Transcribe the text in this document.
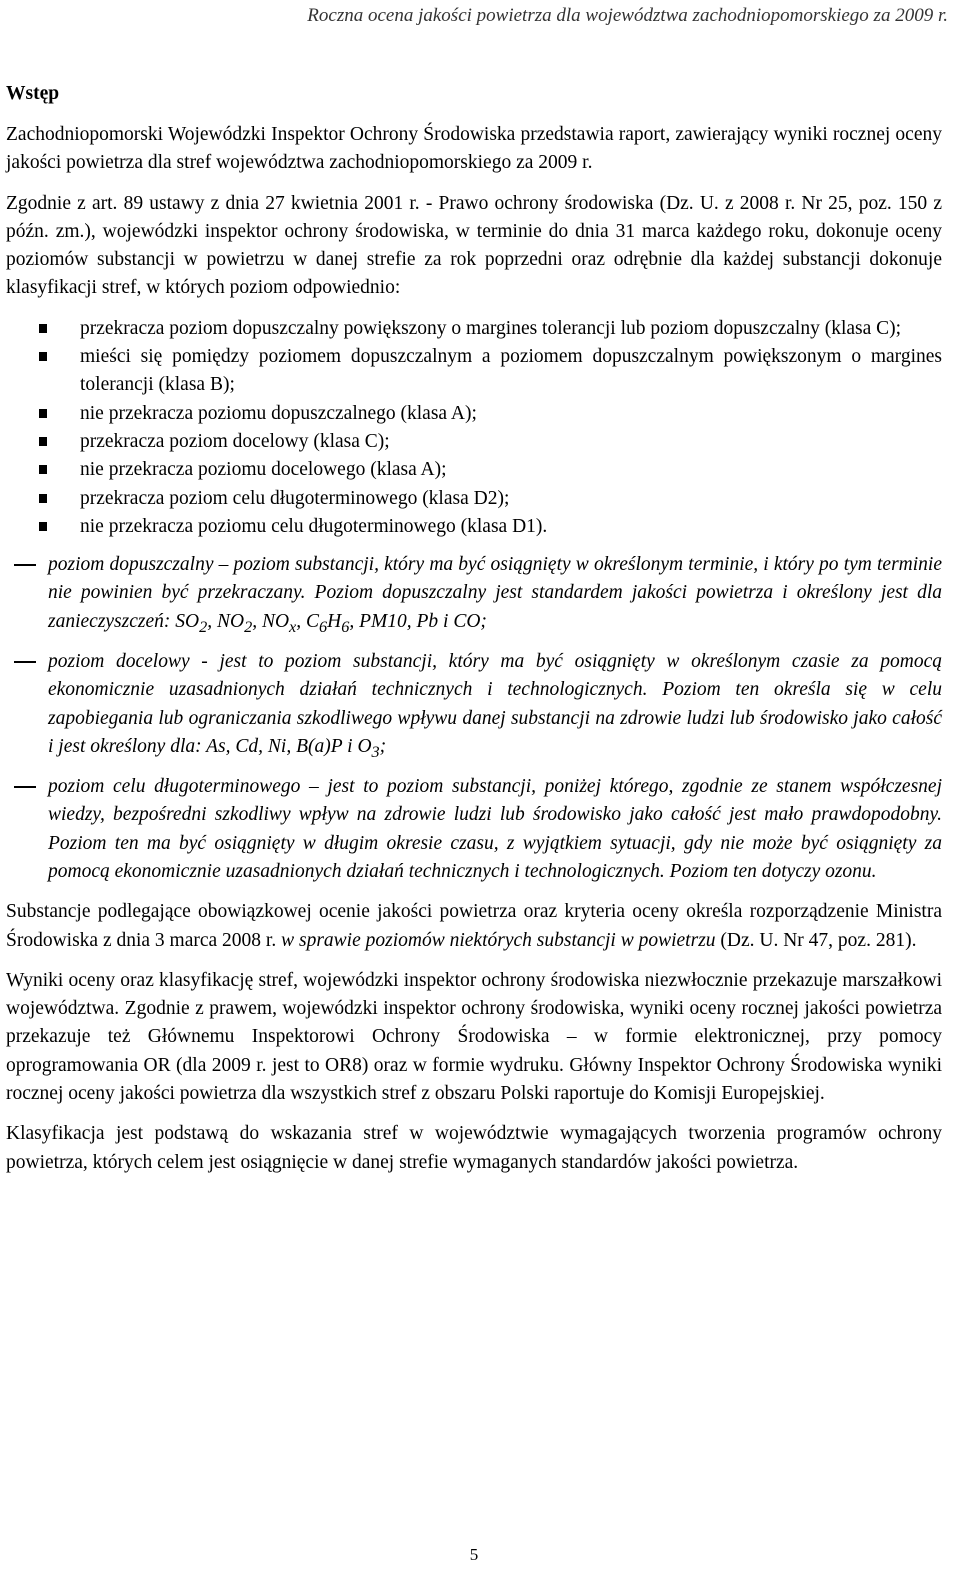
Roczna ocena jakości powietrza dla województwa zachodniopomorskiego za 2009 r.
Wstęp

Zachodniopomorski Wojewódzki Inspektor Ochrony Środowiska przedstawia raport, zawierający wyniki rocznej oceny jakości powietrza dla stref województwa zachodniopomorskiego za 2009 r.

Zgodnie z art. 89 ustawy z dnia 27 kwietnia 2001 r. - Prawo ochrony środowiska (Dz. U. z 2008 r. Nr 25, poz. 150 z późn. zm.), wojewódzki inspektor ochrony środowiska, w terminie do dnia 31 marca każdego roku, dokonuje oceny poziomów substancji w powietrzu w danej strefie za rok poprzedni oraz odrębnie dla każdej substancji dokonuje klasyfikacji stref, w których poziom odpowiednio:

przekracza poziom dopuszczalny powiększony o margines tolerancji lub poziom dopuszczalny (klasa C);
mieści się pomiędzy poziomem dopuszczalnym a poziomem dopuszczalnym powiększonym o margines tolerancji (klasa B);
nie przekracza poziomu dopuszczalnego (klasa A);
przekracza poziom docelowy (klasa C);
nie przekracza poziomu docelowego (klasa A);
przekracza poziom celu długoterminowego (klasa D2);
nie przekracza poziomu celu długoterminowego (klasa D1).
poziom dopuszczalny – poziom substancji, który ma być osiągnięty w określonym terminie, i który po tym terminie nie powinien być przekraczany. Poziom dopuszczalny jest standardem jakości powietrza i określony jest dla zanieczyszczeń: $SO_2$, $NO_2$, $NO_x$, $C_6H_6$, PM10, Pb i CO;
poziom docelowy - jest to poziom substancji, który ma być osiągnięty w określonym czasie za pomocą ekonomicznie uzasadnionych działań technicznych i technologicznych. Poziom ten określa się w celu zapobiegania lub ograniczania szkodliwego wpływu danej substancji na zdrowie ludzi lub środowisko jako całość i jest określony dla: As, Cd, Ni, B(a)P i $O_3$;
poziom celu długoterminowego – jest to poziom substancji, poniżej którego, zgodnie ze stanem współczesnej wiedzy, bezpośredni szkodliwy wpływ na zdrowie ludzi lub środowisko jako całość jest mało prawdopodobny. Poziom ten ma być osiągnięty w długim okresie czasu, z wyjątkiem sytuacji, gdy nie może być osiągnięty za pomocą ekonomicznie uzasadnionych działań technicznych i technologicznych. Poziom ten dotyczy ozonu.

Substancje podlegające obowiązkowej ocenie jakości powietrza oraz kryteria oceny określa rozporządzenie Ministra Środowiska z dnia 3 marca 2008 r. w sprawie poziomów niektórych substancji w powietrzu (Dz. U. Nr 47, poz. 281).

Wyniki oceny oraz klasyfikację stref, wojewódzki inspektor ochrony środowiska niezwłocznie przekazuje marszałkowi województwa. Zgodnie z prawem, wojewódzki inspektor ochrony środowiska, wyniki oceny rocznej jakości powietrza przekazuje też Głównemu Inspektorowi Ochrony Środowiska – w formie elektronicznej, przy pomocy oprogramowania OR (dla 2009 r. jest to OR8) oraz w formie wydruku. Główny Inspektor Ochrony Środowiska wyniki rocznej oceny jakości powietrza dla wszystkich stref z obszaru Polski raportuje do Komisji Europejskiej.

Klasyfikacja jest podstawą do wskazania stref w województwie wymagających tworzenia programów ochrony powietrza, których celem jest osiągnięcie w danej strefie wymaganych standardów jakości powietrza.

5
